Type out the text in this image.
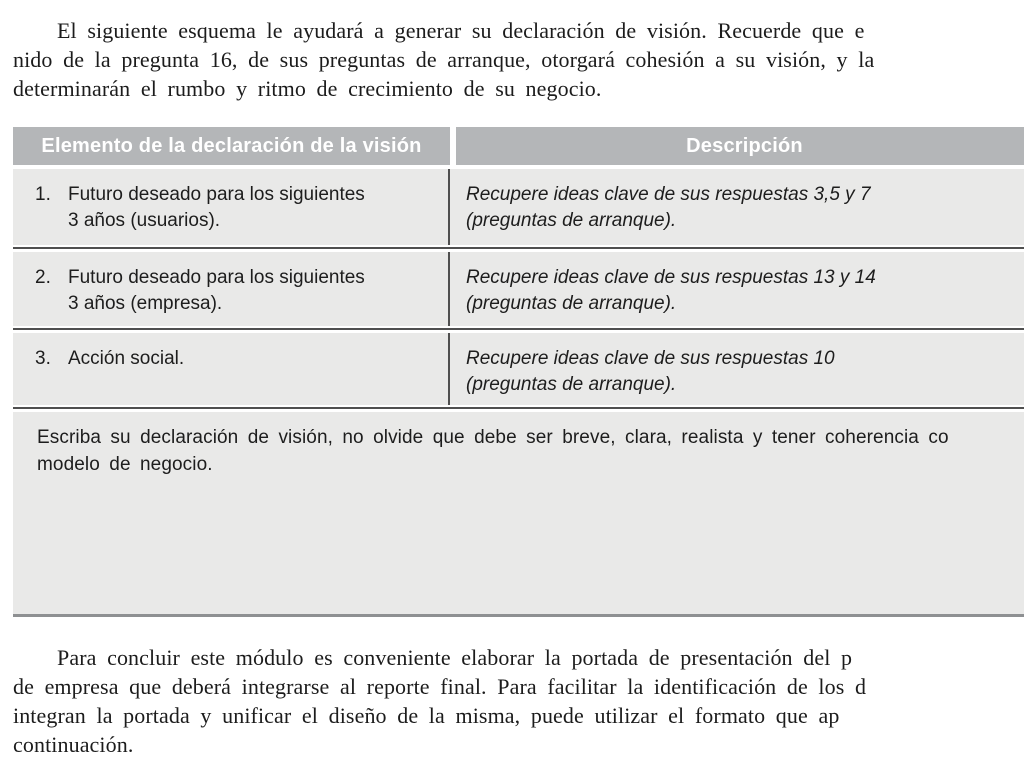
El siguiente esquema le ayudará a generar su declaración de visión. Recuerde que e
nido de la pregunta 16, de sus preguntas de arranque, otorgará cohesión a su visión, y la
determinarán el rumbo y ritmo de crecimiento de su negocio.

Elemento de la declaración de la visión	Descripción
1. Futuro deseado para los siguientes
3 años (usuarios).
Recupere ideas clave de sus respuestas 3,5 y 7
(preguntas de arranque).
2. Futuro deseado para los siguientes
3 años (empresa).
Recupere ideas clave de sus respuestas 13 y 14
(preguntas de arranque).
3. Acción social.	Recupere ideas clave de sus respuestas 10
(preguntas de arranque).
Escriba su declaración de visión, no olvide que debe ser breve, clara, realista y tener coherencia co
modelo de negocio.

Para concluir este módulo es conveniente elaborar la portada de presentación del p
de empresa que deberá integrarse al reporte final. Para facilitar la identificación de los d
integran la portada y unificar el diseño de la misma, puede utilizar el formato que ap
continuación.
